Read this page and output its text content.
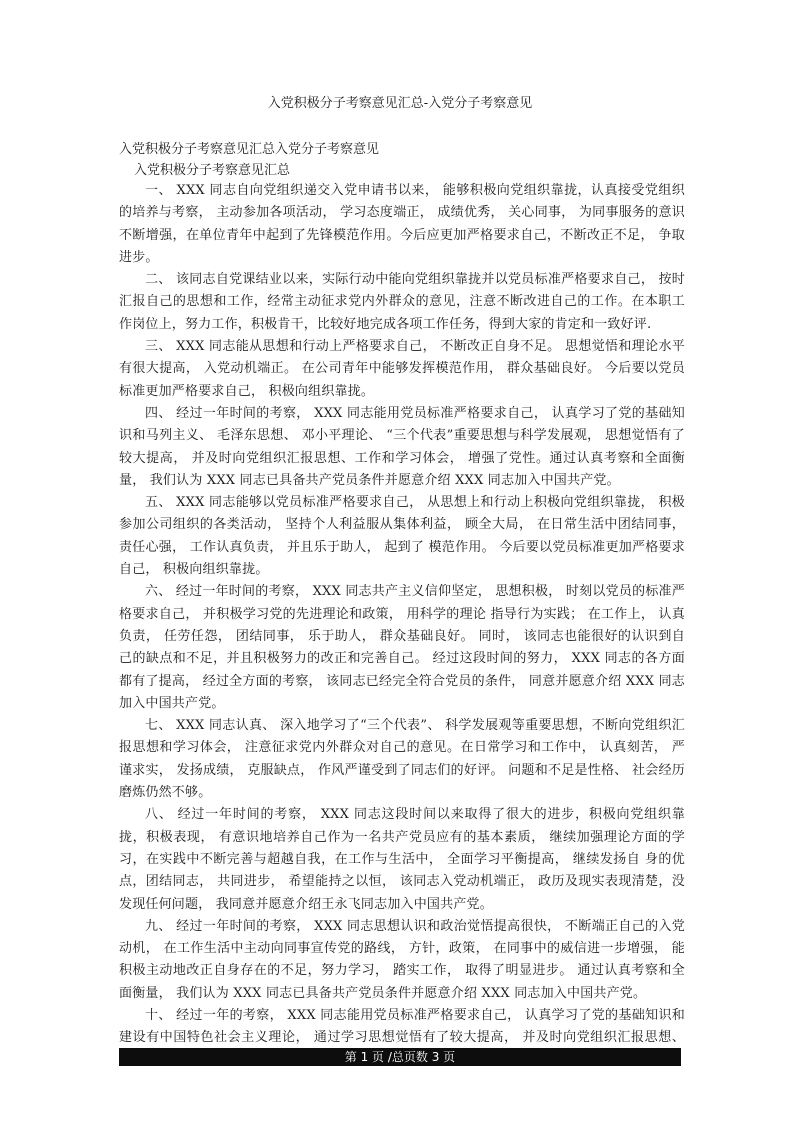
入党积极分子考察意见汇总-入党分子考察意见
入党积极分子考察意见汇总入党分子考察意见
入党积极分子考察意见汇总

一、 XXX 同志自向党组织递交入党申请书以来， 能够积极向党组织靠拢，认真接受党组织的培养与考察， 主动参加各项活动， 学习态度端正， 成绩优秀， 关心同事， 为同事服务的意识不断增强，在单位青年中起到了先锋模范作用。今后应更加严格要求自己，不断改正不足， 争取进步。

二、 该同志自党课结业以来，实际行动中能向党组织靠拢并以党员标准严格要求自己， 按时汇报自己的思想和工作，经常主动征求党内外群众的意见，注意不断改进自己的工作。在本职工作岗位上，努力工作，积极肯干，比较好地完成各项工作任务，得到大家的肯定和一致好评.

三、 XXX 同志能从思想和行动上严格要求自己， 不断改正自身不足。 思想觉悟和理论水平有很大提高， 入党动机端正。 在公司青年中能够发挥模范作用， 群众基础良好。 今后要以党员标准更加严格要求自己， 积极向组织靠拢。

四、 经过一年时间的考察， XXX 同志能用党员标准严格要求自己， 认真学习了党的基础知识和马列主义、 毛泽东思想、 邓小平理论、 “三个代表”重要思想与科学发展观， 思想觉悟有了较大提高， 并及时向党组织汇报思想、工作和学习体会， 增强了党性。通过认真考察和全面衡量， 我们认为 XXX 同志已具备共产党员条件并愿意介绍 XXX 同志加入中国共产党。

五、 XXX 同志能够以党员标准严格要求自己， 从思想上和行动上积极向党组织靠拢， 积极参加公司组织的各类活动， 坚持个人利益服从集体利益， 顾全大局， 在日常生活中团结同事， 责任心强， 工作认真负责， 并且乐于助人， 起到了 模范作用。 今后要以党员标准更加严格要求自己， 积极向组织靠拢。

六、 经过一年时间的考察， XXX 同志共产主义信仰坚定， 思想积极， 时刻以党员的标准严格要求自己， 并积极学习党的先进理论和政策， 用科学的理论 指导行为实践； 在工作上， 认真负责， 任劳任怨， 团结同事， 乐于助人， 群众基础良好。 同时， 该同志也能很好的认识到自己的缺点和不足，并且积极努力的改正和完善自己。 经过这段时间的努力， XXX 同志的各方面都有了提高， 经过全方面的考察， 该同志已经完全符合党员的条件， 同意并愿意介绍 XXX 同志加入中国共产党。

七、 XXX 同志认真、 深入地学习了“三个代表”、 科学发展观等重要思想，不断向党组织汇报思想和学习体会， 注意征求党内外群众对自己的意见。在日常学习和工作中， 认真刻苦， 严谨求实， 发扬成绩， 克服缺点， 作风严谨受到了同志们的好评。 问题和不足是性格、 社会经历磨炼仍然不够。

八、 经过一年时间的考察， XXX 同志这段时间以来取得了很大的进步，积极向党组织靠拢，积极表现， 有意识地培养自己作为一名共产党员应有的基本素质， 继续加强理论方面的学习，在实践中不断完善与超越自我，在工作与生活中， 全面学习平衡提高， 继续发扬自 身的优点，团结同志， 共同进步， 希望能持之以恒， 该同志入党动机端正， 政历及现实表现清楚，没发现任何问题， 我同意并愿意介绍王永飞同志加入中国共产党。

九、 经过一年时间的考察， XXX 同志思想认识和政治觉悟提高很快， 不断端正自己的入党动机， 在工作生活中主动向同事宣传党的路线， 方针，政策， 在同事中的威信进一步增强， 能积极主动地改正自身存在的不足，努力学习， 踏实工作， 取得了明显进步。 通过认真考察和全面衡量， 我们认为 XXX 同志已具备共产党员条件并愿意介绍 XXX 同志加入中国共产党。

十、 经过一年的考察， XXX 同志能用党员标准严格要求自己， 认真学习了党的基础知识和建设有中国特色社会主义理论， 通过学习思想觉悟有了较大提高， 并及时向党组织汇报思想、

第 1 页 /总页数 3 页
